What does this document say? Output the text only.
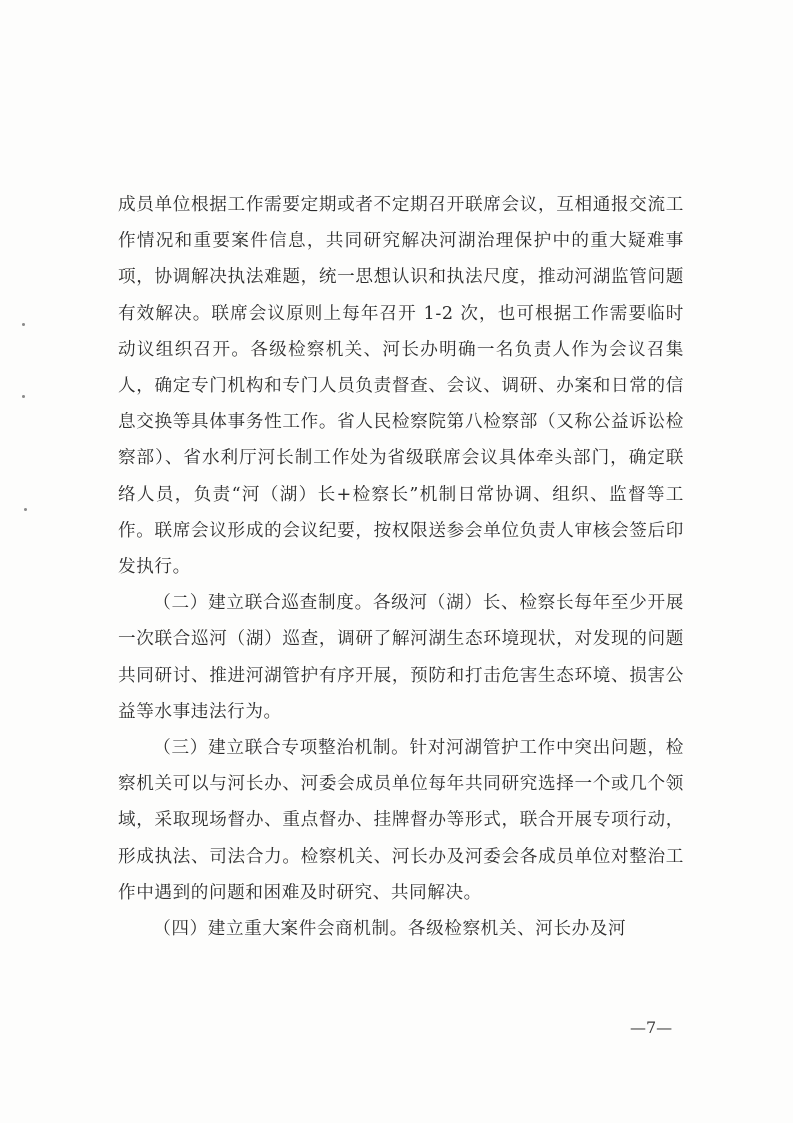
成员单位根据工作需要定期或者不定期召开联席会议，互相通报交流工作情况和重要案件信息，共同研究解决河湖治理保护中的重大疑难事项，协调解决执法难题，统一思想认识和执法尺度，推动河湖监管问题有效解决。联席会议原则上每年召开 1-2 次，也可根据工作需要临时动议组织召开。各级检察机关、河长办明确一名负责人作为会议召集人，确定专门机构和专门人员负责督查、会议、调研、办案和日常的信息交换等具体事务性工作。省人民检察院第八检察部（又称公益诉讼检察部）、省水利厅河长制工作处为省级联席会议具体牵头部门，确定联络人员，负责“河（湖）长+检察长”机制日常协调、组织、监督等工作。联席会议形成的会议纪要，按权限送参会单位负责人审核会签后印发执行。

（二）建立联合巡查制度。各级河（湖）长、检察长每年至少开展一次联合巡河（湖）巡查，调研了解河湖生态环境现状，对发现的问题共同研讨、推进河湖管护有序开展，预防和打击危害生态环境、损害公益等水事违法行为。

（三）建立联合专项整治机制。针对河湖管护工作中突出问题，检察机关可以与河长办、河委会成员单位每年共同研究选择一个或几个领域，采取现场督办、重点督办、挂牌督办等形式，联合开展专项行动，形成执法、司法合力。检察机关、河长办及河委会各成员单位对整治工作中遇到的问题和困难及时研究、共同解决。

（四）建立重大案件会商机制。各级检察机关、河长办及河

—7—
